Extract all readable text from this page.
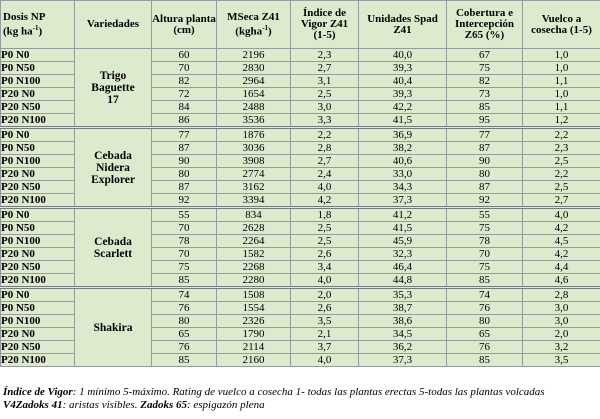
Dosis NP
(kg $ha^{-1}$)	Variedades	Altura planta
(cm)	MSeca Z41
(kgha$^{-1}$)	Índice de
Vigor Z41
(1-5)	Unidades Spad
Z41	Cobertura e
Intercepción
Z65 (%)	Vuelco a
cosecha (1-5)
P0 N0	Trigo
Baguette
17	60	2196	2,3	40,0	67	1,0
P0 N50		70	2830	2,7	39,3	75	1,0
P0 N100		82	2964	3,1	40,4	82	1,1
P20 N0		72	1654	2,5	39,3	73	1,0
P20 N50		84	2488	3,0	42,2	85	1,1
P20 N100		86	3536	3,3	41,5	95	1,2
P0 N0	Cebada
Nidera
Explorer	77	1876	2,2	36,9	77	2,2
P0 N50		87	3036	2,8	38,2	87	2,3
P0 N100		90	3908	2,7	40,6	90	2,5
P20 N0		80	2774	2,4	33,0	80	2,2
P20 N50		87	3162	4,0	34,3	87	2,5
P20 N100		92	3394	4,2	37,3	92	2,7
P0 N0	Cebada
Scarlett	55	834	1,8	41,2	55	4,0
P0 N50		70	2628	2,5	41,5	75	4,2
P0 N100		78	2264	2,5	45,9	78	4,5
P20 N0		70	1582	2,6	32,3	70	4,2
P20 N50		75	2268	3,4	46,4	75	4,4
P20 N100		85	2280	4,0	44,8	85	4,6
P0 N0	Shakira	74	1508	2,0	35,3	74	2,8
P0 N50		76	1554	2,6	38,7	76	3,0
P0 N100		80	2326	3,5	38,6	80	3,0
P20 N0		65	1790	2,1	34,5	65	2,0
P20 N50		76	2114	3,7	36,2	76	3,2
P20 N100		85	2160	4,0	37,3	85	3,5
Índice de Vigor: 1 mínimo 5-máximo. Rating de vuelco a cosecha 1- todas las plantas erectas 5-todas las plantas volcadas
V4Zadoks 41: aristas visibles. Zadoks 65: espigazón plena
